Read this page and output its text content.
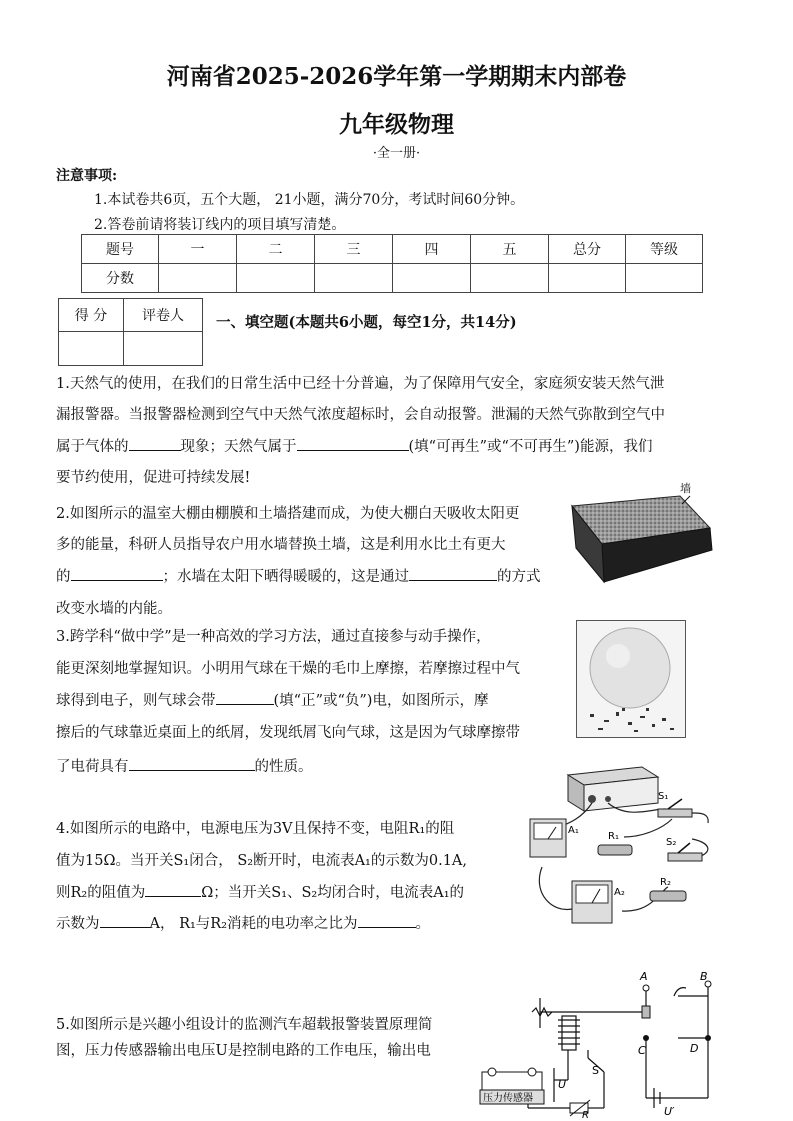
河南省2025-2026学年第一学期期末内部卷
九年级物理
·全一册·
注意事项:
1.本试卷共6页，五个大题， 21小题，满分70分，考试时间60分钟。
2.答卷前请将装订线内的项目填写清楚。
题号	一	二	三	四	五	总分	等级
分数							
得 分	评卷人
	一、填空题(本题共6小题，每空1分，共14分)
1.天然气的使用，在我们的日常生活中已经十分普遍，为了保障用气安全，家庭须安装天然气泄
漏报警器。当报警器检测到空气中天然气浓度超标时，会自动报警。泄漏的天然气弥散到空气中
属于气体的	现象；天然气属于	(填“可再生”或“不可再生”)能源，我们
要节约使用，促进可持续发展!
2.如图所示的温室大棚由棚膜和土墙搭建而成，为使大棚白天吸收太阳更
多的能量，科研人员指导农户用水墙替换土墙，这是利用水比土有更大
的	；水墙在太阳下晒得暖暖的，这是通过	的方式
改变水墙的内能。
墙
3.跨学科“做中学”是一种高效的学习方法，通过直接参与动手操作，
能更深刻地掌握知识。小明用气球在干燥的毛巾上摩擦，若摩擦过程中气
球得到电子，则气球会带	(填“正”或“负”)电，如图所示，摩
擦后的气球靠近桌面上的纸屑，发现纸屑飞向气球，这是因为气球摩擦带
了电荷具有	的性质。
4.如图所示的电路中，电源电压为3V且保持不变，电阻R₁的阻
值为15Ω。当开关S₁闭合， S₂断开时，电流表A₁的示数为0.1A,
则R₂的阻值为	Ω；当开关S₁、S₂均闭合时，电流表A₁的
示数为	A， R₁与R₂消耗的电功率之比为	。
A₁
R₁
S₁
S₂
A₂
R₂
5.如图所示是兴趣小组设计的监测汽车超载报警装置原理简
图，压力传感器输出电压U是控制电路的工作电压，输出电
压力传感器
A	B
C	D
U
S
R	U′
